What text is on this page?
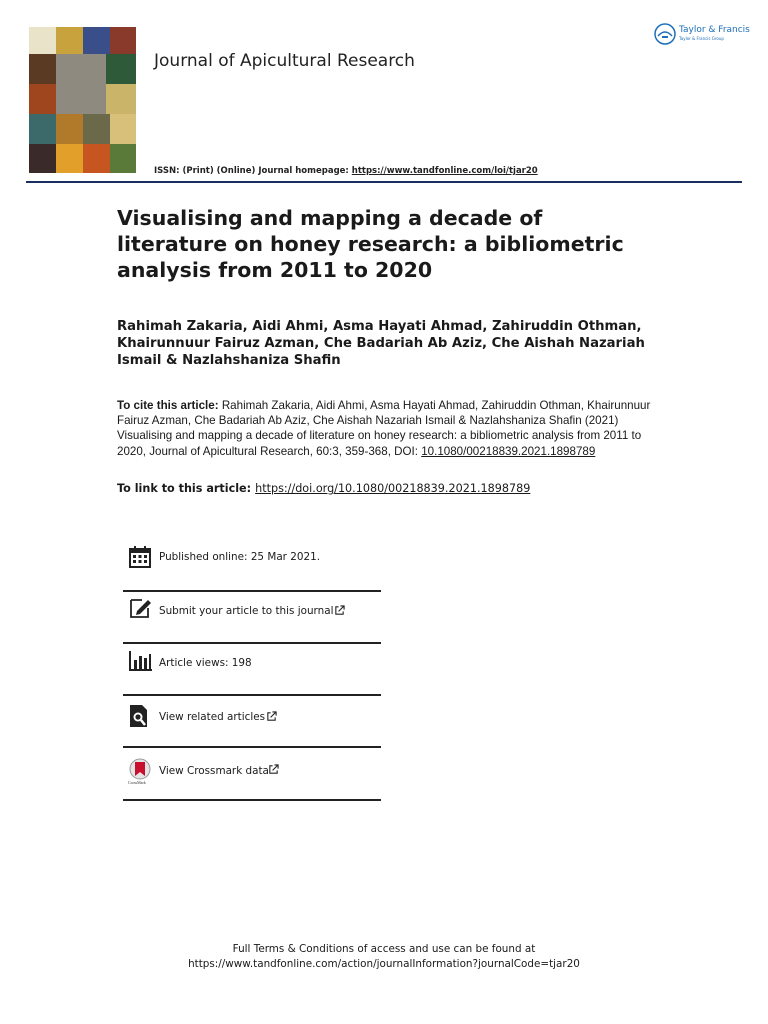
Journal of Apicultural Research
Taylor & Francis
Taylor & Francis Group
ISSN: (Print) (Online) Journal homepage: https://www.tandfonline.com/loi/tjar20
Visualising and mapping a decade of literature on honey research: a bibliometric analysis from 2011 to 2020

Rahimah Zakaria, Aidi Ahmi, Asma Hayati Ahmad, Zahiruddin Othman, Khairunnuur Fairuz Azman, Che Badariah Ab Aziz, Che Aishah Nazariah Ismail & Nazlahshaniza Shafin

To cite this article: Rahimah Zakaria, Aidi Ahmi, Asma Hayati Ahmad, Zahiruddin Othman, Khairunnuur Fairuz Azman, Che Badariah Ab Aziz, Che Aishah Nazariah Ismail & Nazlahshaniza Shafin (2021) Visualising and mapping a decade of literature on honey research: a bibliometric analysis from 2011 to 2020, Journal of Apicultural Research, 60:3, 359-368, DOI: 10.1080/00218839.2021.1898789

To link to this article: https://doi.org/10.1080/00218839.2021.1898789
Published online: 25 Mar 2021.
Submit your article to this journal
Article views: 198
View related articles
CrossMark
View Crossmark data
Full Terms & Conditions of access and use can be found at
https://www.tandfonline.com/action/journalInformation?journalCode=tjar20
